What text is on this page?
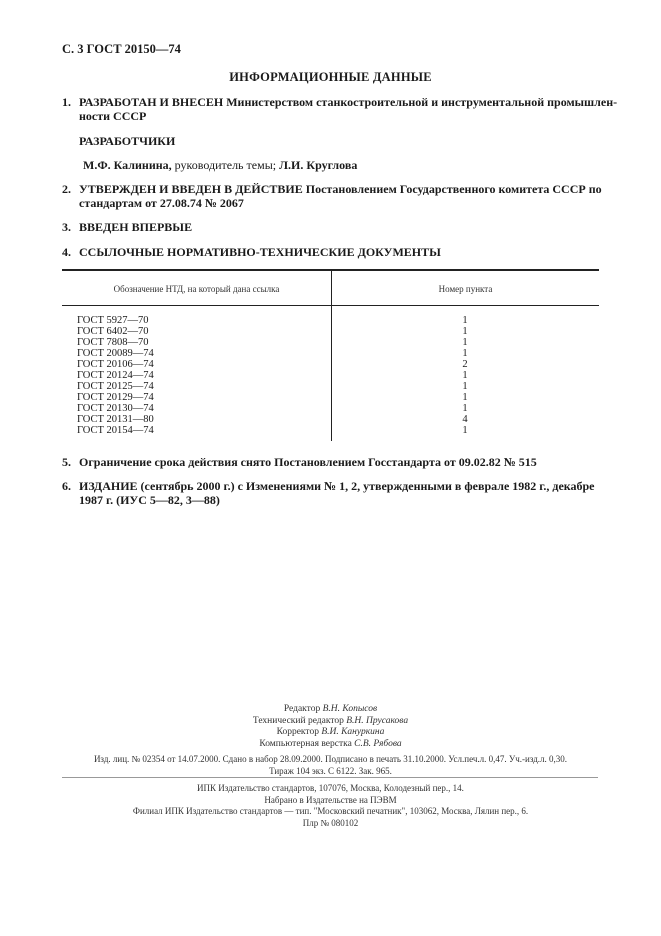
С. 3 ГОСТ 20150—74
ИНФОРМАЦИОННЫЕ ДАННЫЕ
1. РАЗРАБОТАН И ВНЕСЕН Министерством станкостроительной и инструментальной промышлен-
ности СССР
РАЗРАБОТЧИКИ
М.Ф. Калинина, руководитель темы; Л.И. Круглова
2. УТВЕРЖДЕН И ВВЕДЕН В ДЕЙСТВИЕ Постановлением Государственного комитета СССР по
стандартам от 27.08.74 № 2067
3. ВВЕДЕН ВПЕРВЫЕ
4. ССЫЛОЧНЫЕ НОРМАТИВНО-ТЕХНИЧЕСКИЕ ДОКУМЕНТЫ
Обозначение НТД, на который дана ссылка	Номер пункта
ГОСТ 5927—70	1
ГОСТ 6402—70	1
ГОСТ 7808—70	1
ГОСТ 20089—74	1
ГОСТ 20106—74	2
ГОСТ 20124—74	1
ГОСТ 20125—74	1
ГОСТ 20129—74	1
ГОСТ 20130—74	1
ГОСТ 20131—80	4
ГОСТ 20154—74	1
5. Ограничение срока действия снято Постановлением Госстандарта от 09.02.82 № 515
6. ИЗДАНИЕ (сентябрь 2000 г.) с Изменениями № 1, 2, утвержденными в феврале 1982 г., декабре
1987 г. (ИУС 5—82, 3—88)
Редактор В.Н. Копысов
Технический редактор В.Н. Прусакова
Корректор В.И. Кануркина
Компьютерная верстка С.В. Рябова
Изд. лиц. № 02354 от 14.07.2000. Сдано в набор 28.09.2000. Подписано в печать 31.10.2000. Усл.печ.л. 0,47. Уч.-изд.л. 0,30.
Тираж 104 экз. С 6122. Зак. 965.
ИПК Издательство стандартов, 107076, Москва, Колодезный пер., 14.
Набрано в Издательстве на ПЭВМ
Филиал ИПК Издательство стандартов — тип. "Московский печатник", 103062, Москва, Лялин пер., 6.
Плр № 080102
